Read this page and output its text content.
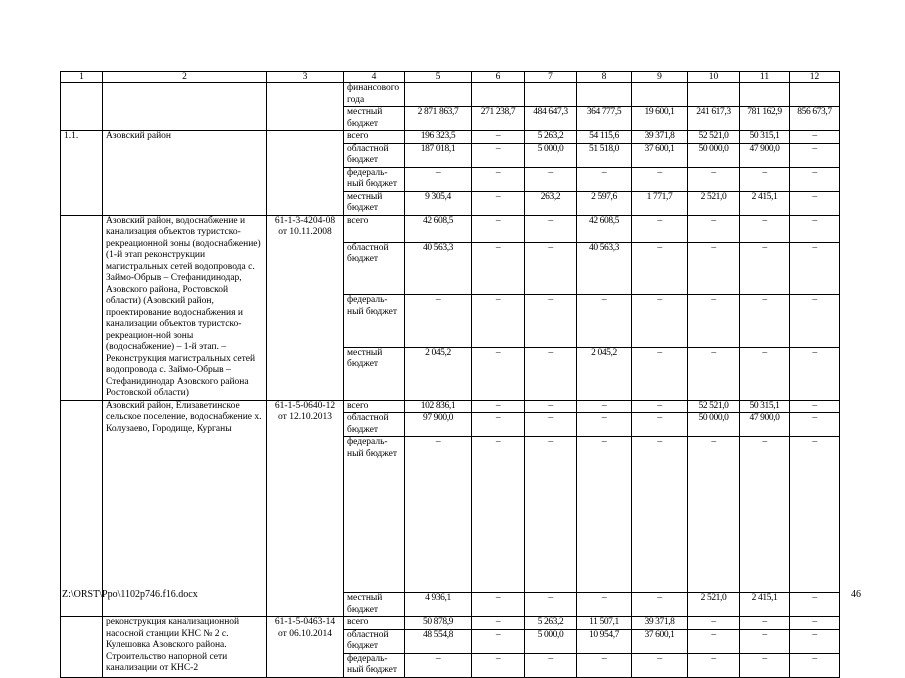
1	2	3	4	5	6	7	8	9	10	11	12
			финансового
года								
			местный бюджет	2 871 863,7	271 238,7	484 647,3	364 777,5	19 600,1	241 617,3	781 162,9	856 673,7
1.1.	Азовский район		всего	196 323,5	–	5 263,2	54 115,6	39 371,8	52 521,0	50 315,1	–
			областной бюджет	187 018,1	–	5 000,0	51 518,0	37 600,1	50 000,0	47 900,0	–
			федераль-ный бюджет	–	–	–	–	–	–	–	–
			местный бюджет	9 305,4	–	263,2	2 597,6	1 771,7	2 521,0	2 415,1	–
	Азовский район, водоснабжение и канализация объектов туристско-рекреационной зоны (водоснабжение) (1-й этап реконструкции магистральных сетей водопровода с. Займо-Обрыв – Стефанидинодар, Азовского района, Ростовской области) (Азовский район, проектирование водоснабжения и канализации объектов туристско-рекреацион-ной зоны (водоснабжение) – 1-й этап. – Реконструкция магистральных сетей водопровода с. Займо-Обрыв – Стефанидинодар Азовского района Ростовской области)	61-1-3-4204-08 от 10.11.2008	всего	42 608,5	–	–	42 608,5	–	–	–	–
			областной бюджет	40 563,3	–	–	40 563,3	–	–	–	–
			федераль-ный бюджет	–	–	–	–	–	–	–	–
			местный бюджет	2 045,2	–	–	2 045,2	–	–	–	–
	Азовский район, Елизаветинское сельское поселение, водоснабжение х. Колузаево, Городище, Курганы	61-1-5-0640-12 от 12.10.2013	всего	102 836,1	–	–	–	–	52 521,0	50 315,1	–
			областной бюджет	97 900,0	–	–	–	–	50 000,0	47 900,0	–
			федераль-ный бюджет	–	–	–	–	–	–	–	–
			местный бюджет	4 936,1	–	–	–	–	2 521,0	2 415,1	–
	реконструкция канализационной насосной станции КНС № 2 с. Кулешовка Азовского района. Строительство напорной сети канализации от КНС-2	61-1-5-0463-14 от 06.10.2014	всего	50 878,9	–	5 263,2	11 507,1	39 371,8	–	–	–
			областной бюджет	48 554,8	–	5 000,0	10 954,7	37 600,1	–	–	–
			федераль-ный бюджет	–	–	–	–	–	–	–	–
Z:\ORST\Ppo\1102p746.f16.docx	46
